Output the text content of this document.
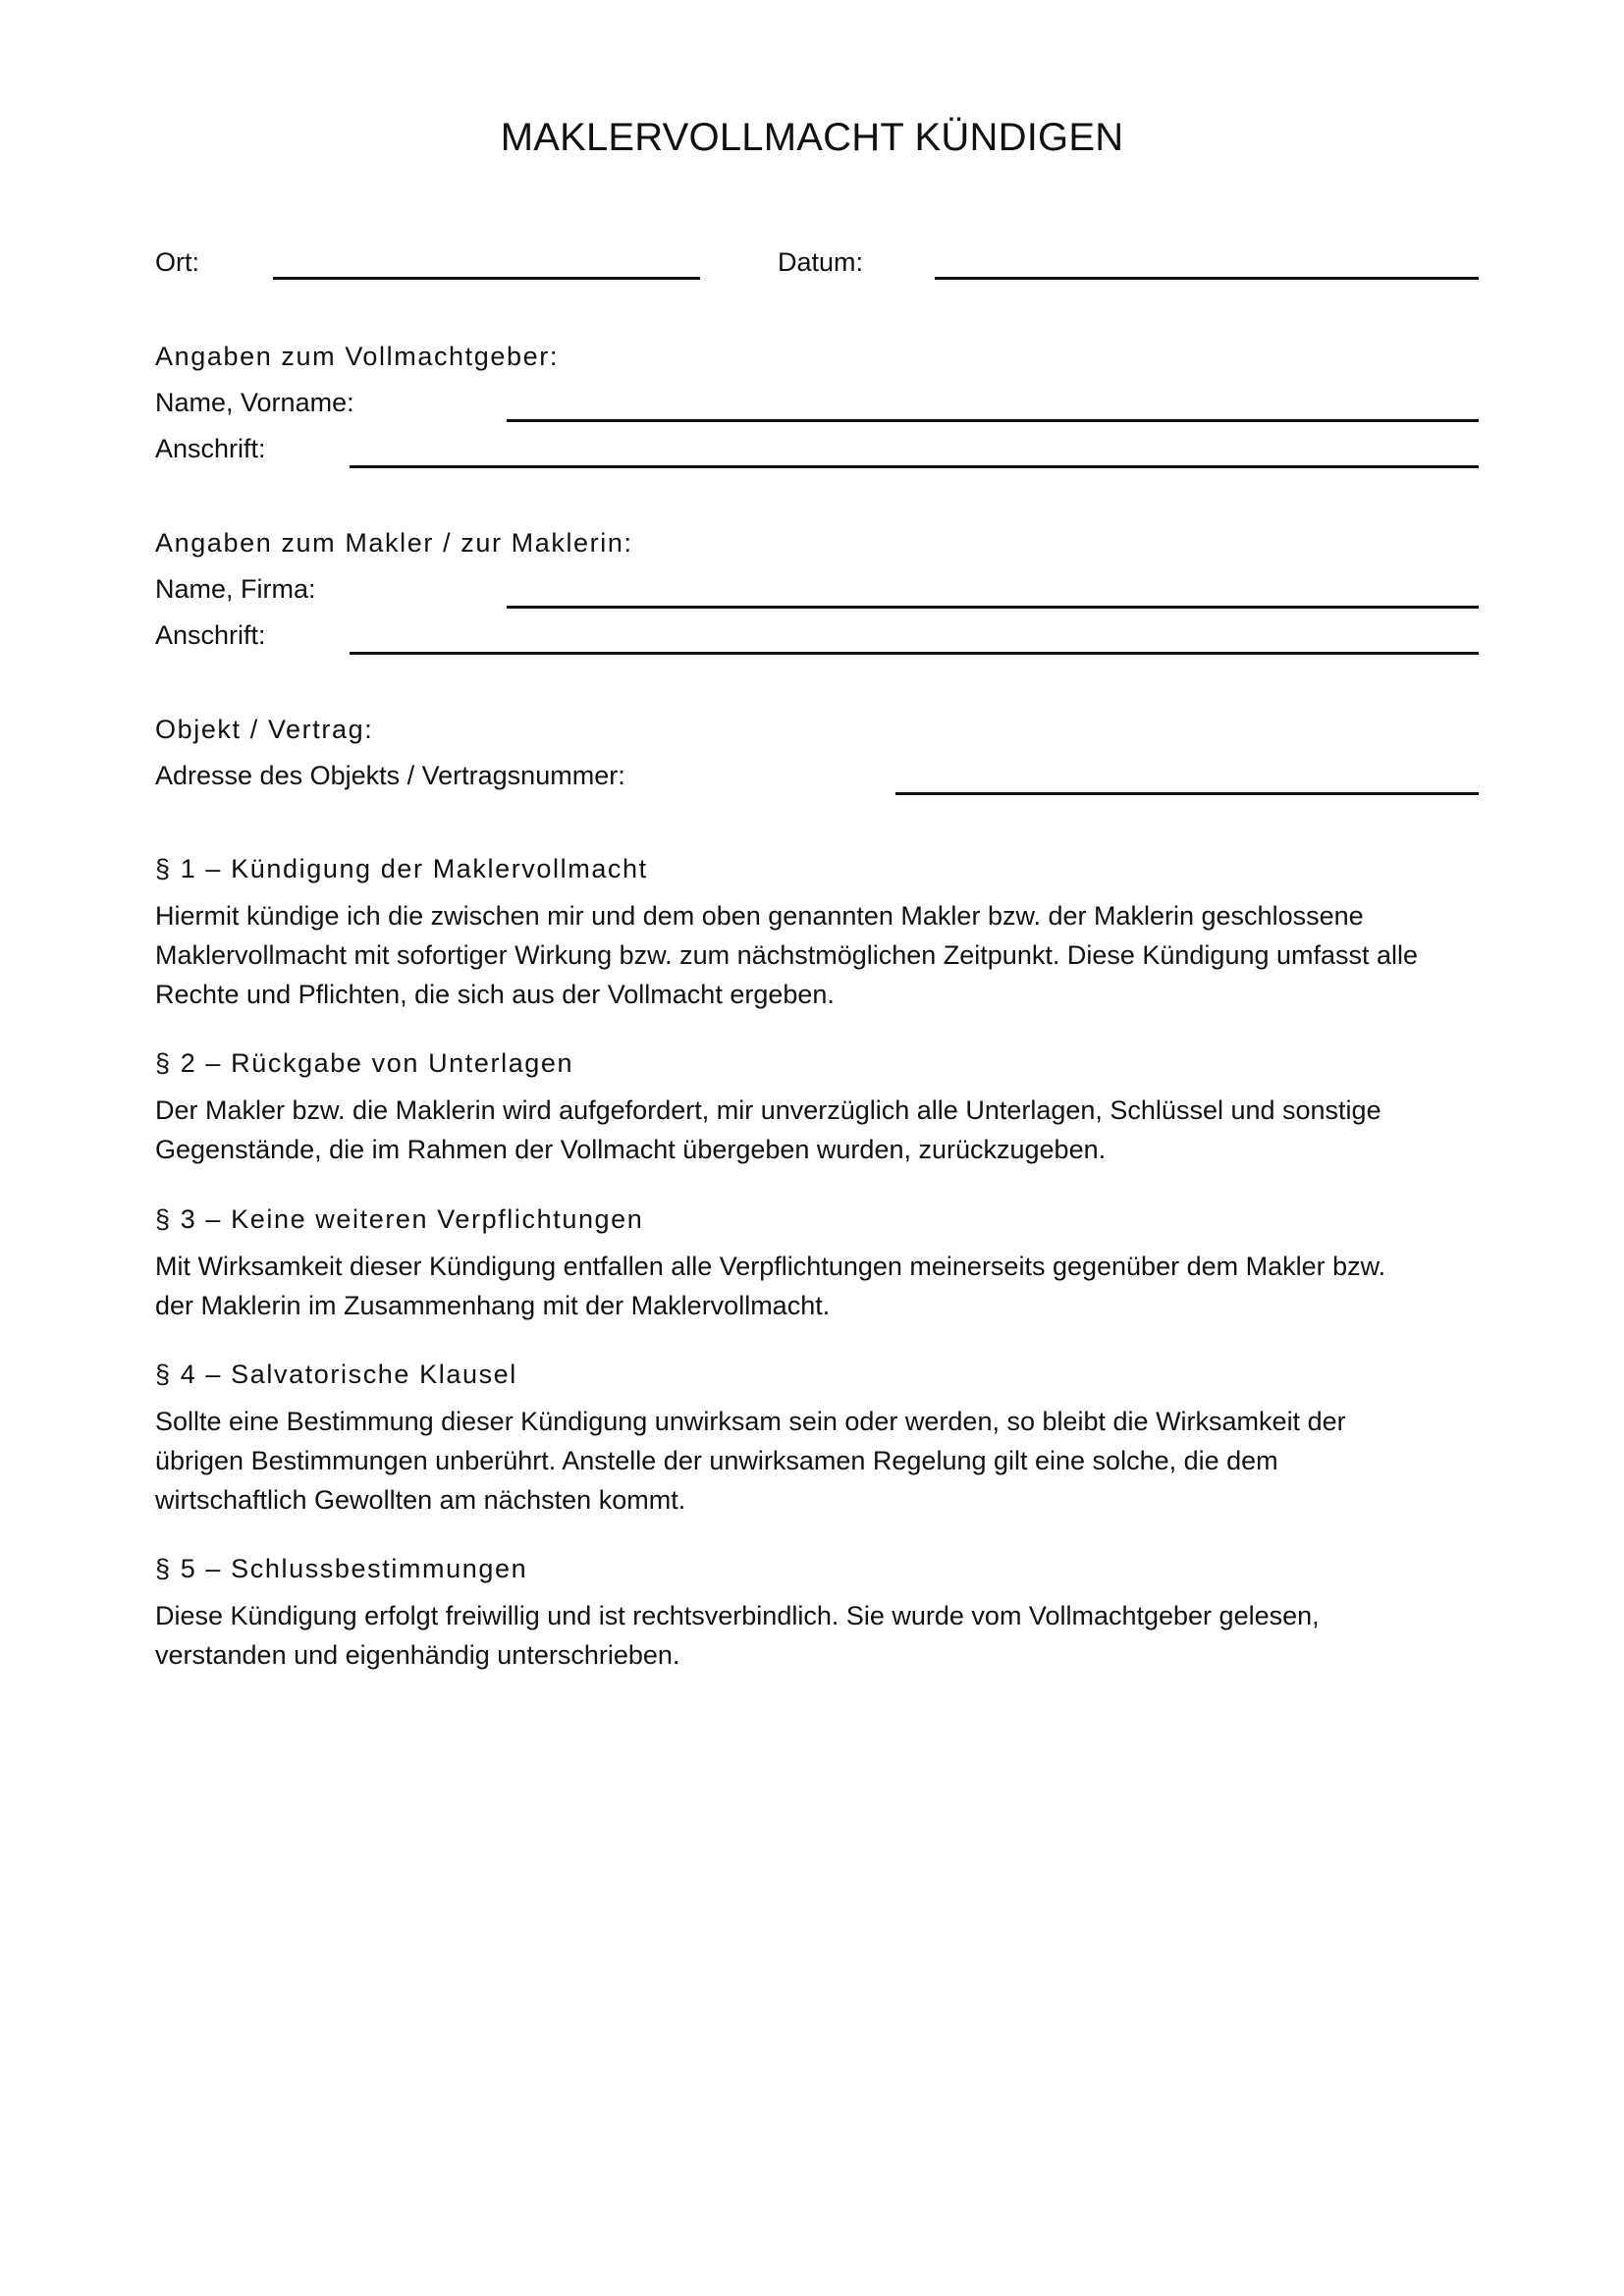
MAKLERVOLLMACHT KÜNDIGEN
Ort:	Datum:
Angaben zum Vollmachtgeber:
Name, Vorname:
Anschrift:
Angaben zum Makler / zur Maklerin:
Name, Firma:
Anschrift:
Objekt / Vertrag:
Adresse des Objekts / Vertragsnummer:
§ 1 – Kündigung der Maklervollmacht
Hiermit kündige ich die zwischen mir und dem oben genannten Makler bzw. der Maklerin geschlossene
Maklervollmacht mit sofortiger Wirkung bzw. zum nächstmöglichen Zeitpunkt. Diese Kündigung umfasst alle
Rechte und Pflichten, die sich aus der Vollmacht ergeben.
§ 2 – Rückgabe von Unterlagen
Der Makler bzw. die Maklerin wird aufgefordert, mir unverzüglich alle Unterlagen, Schlüssel und sonstige
Gegenstände, die im Rahmen der Vollmacht übergeben wurden, zurückzugeben.
§ 3 – Keine weiteren Verpflichtungen
Mit Wirksamkeit dieser Kündigung entfallen alle Verpflichtungen meinerseits gegenüber dem Makler bzw.
der Maklerin im Zusammenhang mit der Maklervollmacht.
§ 4 – Salvatorische Klausel
Sollte eine Bestimmung dieser Kündigung unwirksam sein oder werden, so bleibt die Wirksamkeit der
übrigen Bestimmungen unberührt. Anstelle der unwirksamen Regelung gilt eine solche, die dem
wirtschaftlich Gewollten am nächsten kommt.
§ 5 – Schlussbestimmungen
Diese Kündigung erfolgt freiwillig und ist rechtsverbindlich. Sie wurde vom Vollmachtgeber gelesen,
verstanden und eigenhändig unterschrieben.
